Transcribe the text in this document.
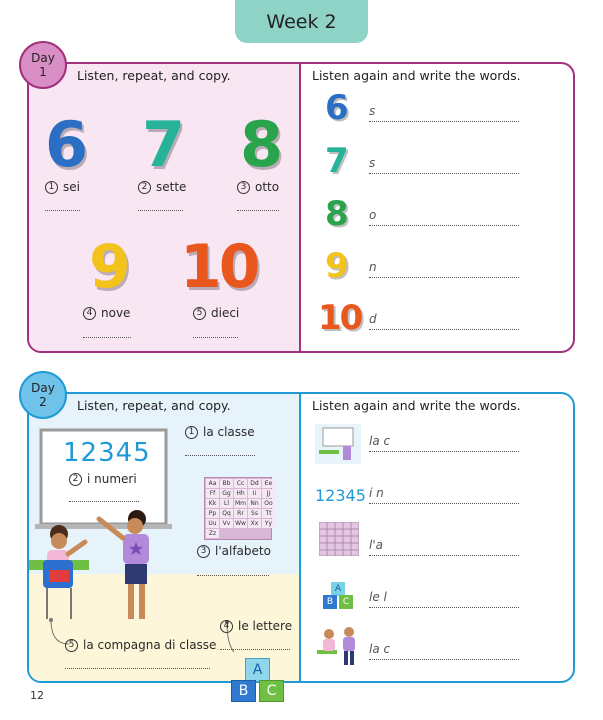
Week 2
Day
1 Listen, repeat, and copy.
6 7 8
1 sei	2 sette	3 otto
9 10
4 nove	5 dieci
Listen again and write the words.
6 s
7 s
8 o
9 n
10 d
Day
2 Listen, repeat, and copy.
12345
2 i numeri
1 la classe
Aa	Bb	Cc	Dd	Ee
Ff	Gg Hh	Ii	Jj
Kk	Ll Mm Nn Oo
Pp	Qq	Rr	Ss	Tt
Uu	Vv Ww Xx	Yy
Zz
3 l'alfabeto
4 le lettere
5 la compagna di classe
Listen again and write the words.
la c
12345 i n
l'a
A
B	C	le l
la c
A
B	C
12
